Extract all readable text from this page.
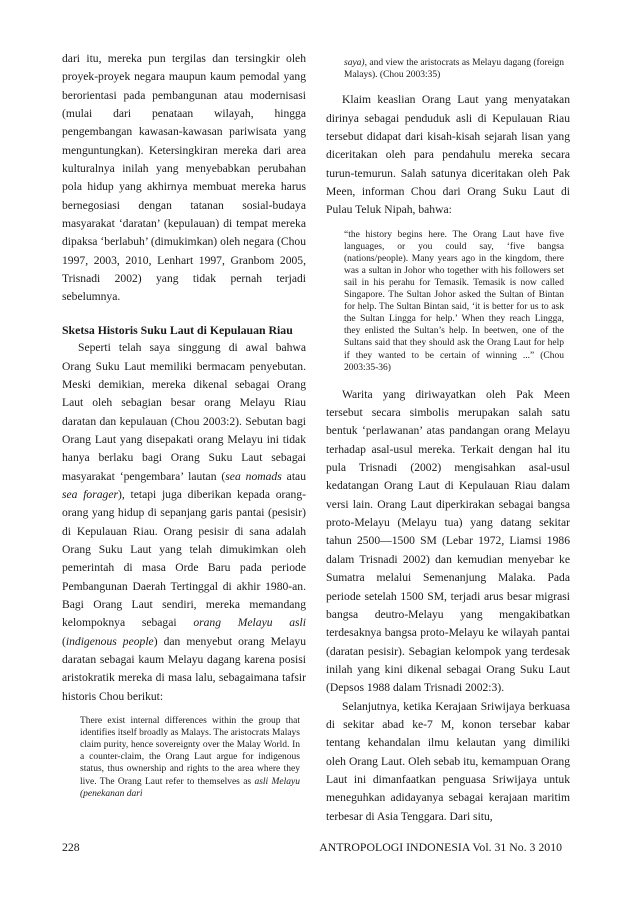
dari itu, mereka pun tergilas dan tersingkir oleh proyek-proyek negara maupun kaum pemodal yang berorientasi pada pembangunan atau modernisasi (mulai dari penataan wilayah, hingga pengembangan kawasan-kawasan pariwisata yang menguntungkan). Ketersingkiran mereka dari area kulturalnya inilah yang menyebabkan perubahan pola hidup yang akhirnya membuat mereka harus bernegosiasi dengan tatanan sosial-budaya masyarakat ‘daratan’ (kepulauan) di tempat mereka dipaksa ‘berlabuh’ (dimukimkan) oleh negara (Chou 1997, 2003, 2010, Lenhart 1997, Granbom 2005, Trisnadi 2002) yang tidak pernah terjadi sebelumnya.

Sketsa Historis Suku Laut di Kepulauan Riau

Seperti telah saya singgung di awal bahwa Orang Suku Laut memiliki bermacam penyebutan. Meski demikian, mereka dikenal sebagai Orang Laut oleh sebagian besar orang Melayu Riau daratan dan kepulauan (Chou 2003:2). Sebutan bagi Orang Laut yang disepakati orang Melayu ini tidak hanya berlaku bagi Orang Suku Laut sebagai masyarakat ‘pengembara’ lautan (sea nomads atau sea forager), tetapi juga diberikan kepada orang-orang yang hidup di sepanjang garis pantai (pesisir) di Kepulauan Riau. Orang pesisir di sana adalah Orang Suku Laut yang telah dimukimkan oleh pemerintah di masa Orde Baru pada periode Pembangunan Daerah Tertinggal di akhir 1980-an. Bagi Orang Laut sendiri, mereka memandang kelompoknya sebagai orang Melayu asli (indigenous people) dan menyebut orang Melayu daratan sebagai kaum Melayu dagang karena posisi aristokratik mereka di masa lalu, sebagaimana tafsir historis Chou berikut:

There exist internal differences within the group that identifies itself broadly as Malays. The aristocrats Malays claim purity, hence sovereignty over the Malay World. In a counter-claim, the Orang Laut argue for indigenous status, thus ownership and rights to the area where they live. The Orang Laut refer to themselves as asli Melayu (penekanan dari

saya), and view the aristocrats as Melayu dagang (foreign Malays). (Chou 2003:35)

Klaim keaslian Orang Laut yang menyatakan dirinya sebagai penduduk asli di Kepulauan Riau tersebut didapat dari kisah-kisah sejarah lisan yang diceritakan oleh para pendahulu mereka secara turun-temurun. Salah satunya diceritakan oleh Pak Meen, informan Chou dari Orang Suku Laut di Pulau Teluk Nipah, bahwa:

“the history begins here. The Orang Laut have five languages, or you could say, ‘five bangsa (nations/people). Many years ago in the kingdom, there was a sultan in Johor who together with his followers set sail in his perahu for Temasik. Temasik is now called Singapore. The Sultan Johor asked the Sultan of Bintan for help. The Sultan Bintan said, ‘it is better for us to ask the Sultan Lingga for help.’ When they reach Lingga, they enlisted the Sultan’s help. In beetwen, one of the Sultans said that they should ask the Orang Laut for help if they wanted to be certain of winning ...” (Chou 2003:35-36)

Warita yang diriwayatkan oleh Pak Meen tersebut secara simbolis merupakan salah satu bentuk ‘perlawanan’ atas pandangan orang Melayu terhadap asal-usul mereka. Terkait dengan hal itu pula Trisnadi (2002) mengisahkan asal-usul kedatangan Orang Laut di Kepulauan Riau dalam versi lain. Orang Laut diperkirakan sebagai bangsa proto-Melayu (Melayu tua) yang datang sekitar tahun 2500—1500 SM (Lebar 1972, Liamsi 1986 dalam Trisnadi 2002) dan kemudian menyebar ke Sumatra melalui Semenanjung Malaka. Pada periode setelah 1500 SM, terjadi arus besar migrasi bangsa deutro-Melayu yang mengakibatkan terdesaknya bangsa proto-Melayu ke wilayah pantai (daratan pesisir). Sebagian kelompok yang terdesak inilah yang kini dikenal sebagai Orang Suku Laut (Depsos 1988 dalam Trisnadi 2002:3).

Selanjutnya, ketika Kerajaan Sriwijaya berkuasa di sekitar abad ke-7 M, konon tersebar kabar tentang kehandalan ilmu kelautan yang dimiliki oleh Orang Laut. Oleh sebab itu, kemampuan Orang Laut ini dimanfaatkan penguasa Sriwijaya untuk meneguhkan adidayanya sebagai kerajaan maritim terbesar di Asia Tenggara. Dari situ,

228	ANTROPOLOGI INDONESIA Vol. 31 No. 3 2010
